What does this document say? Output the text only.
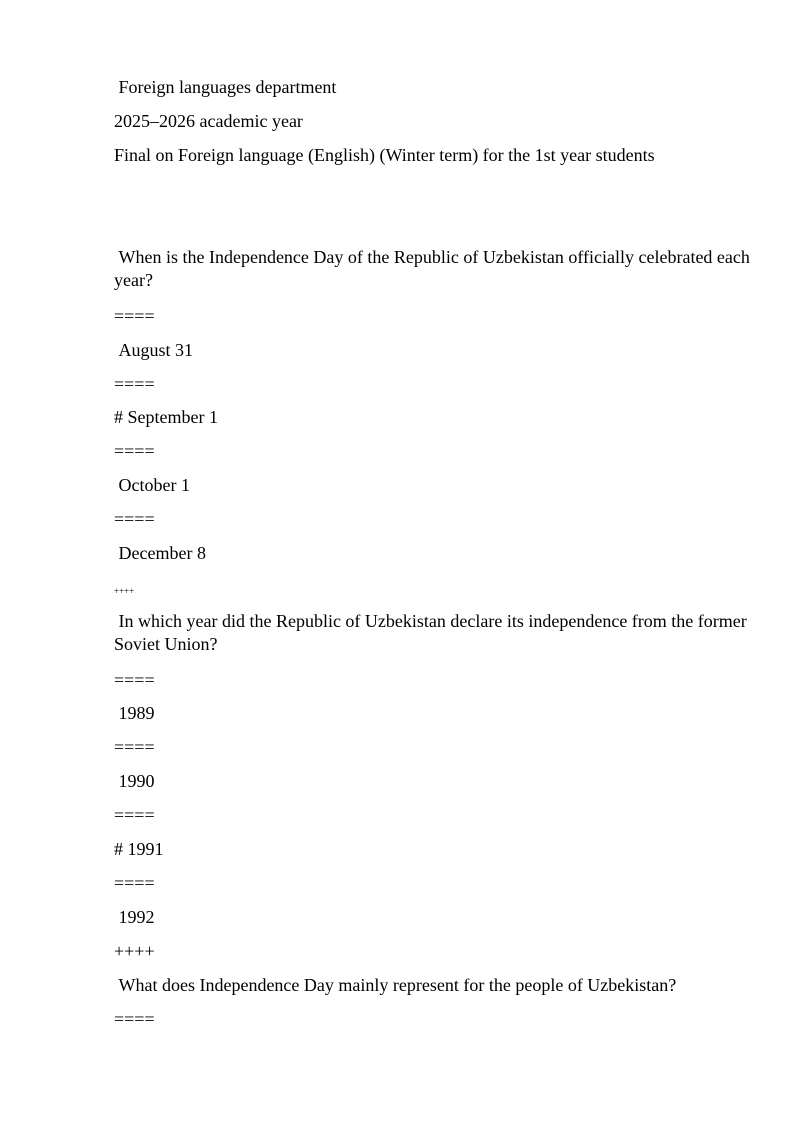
Foreign languages department

2025–2026 academic year

Final on Foreign language (English) (Winter term) for the 1st year students

When is the Independence Day of the Republic of Uzbekistan officially celebrated each year?

====

August 31

====

# September 1

====

October 1

====

December 8

++++

In which year did the Republic of Uzbekistan declare its independence from the former Soviet Union?

====

1989

====

1990

====

# 1991

====

1992

++++

What does Independence Day mainly represent for the people of Uzbekistan?

====
